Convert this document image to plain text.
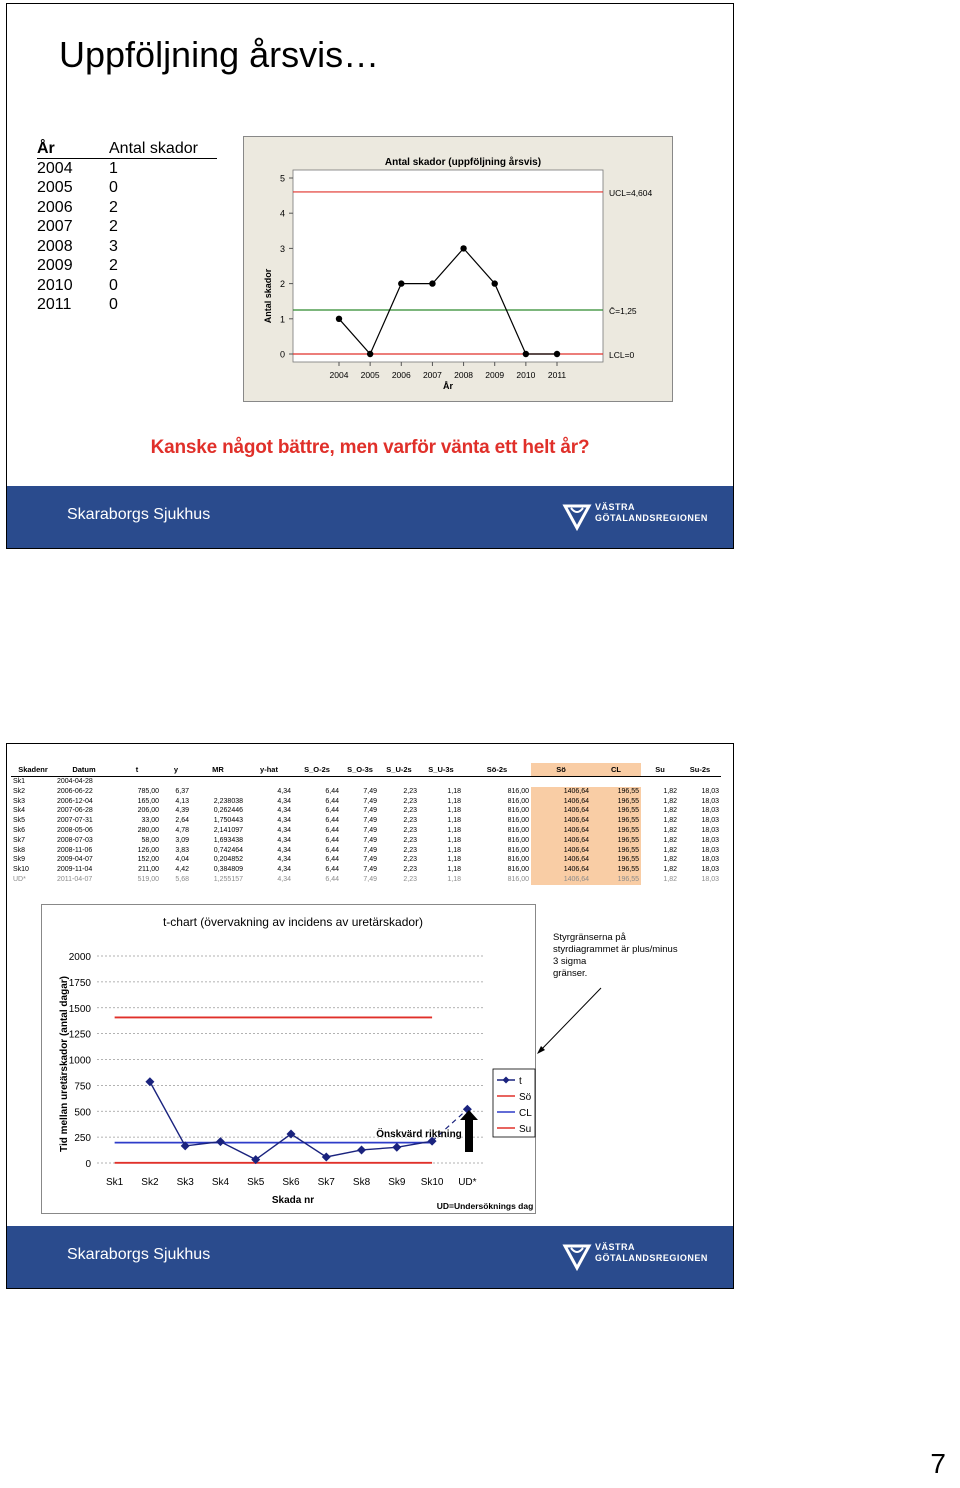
Uppföljning årsvis…
År	Antal skador
2004 1
2005 0
2006 2
2007 2
2008 3
2009 2
2010 0
2011 0
Antal skador (uppföljning årsvis)
0
1
2
3
4
5
2004 2005 2006 2007 2008 2009 2010 2011
År
Antal skador
UCL=4,604
C̄=1,25
LCL=0
Kanske något bättre, men varför vänta ett helt år?
Skaraborgs Sjukhus	VÄSTRA
GÖTALANDSREGIONEN
Skadenr	Datum	t	y	MR	y-hat	S_O-2s	S_O-3s	S_U-2s	S_U-3s	Sö-2s	Sö	CL	Su	Su-2s
Sk1	2004-04-28													
Sk2	2006-06-22	785,00	6,37		4,34	6,44	7,49	2,23	1,18	816,00	1406,64	196,55	1,82	18,03
Sk3	2006-12-04	165,00	4,13	2,238038	4,34	6,44	7,49	2,23	1,18	816,00	1406,64	196,55	1,82	18,03
Sk4	2007-06-28	206,00	4,39	0,262446	4,34	6,44	7,49	2,23	1,18	816,00	1406,64	196,55	1,82	18,03
Sk5	2007-07-31	33,00	2,64	1,750443	4,34	6,44	7,49	2,23	1,18	816,00	1406,64	196,55	1,82	18,03
Sk6	2008-05-06	280,00	4,78	2,141097	4,34	6,44	7,49	2,23	1,18	816,00	1406,64	196,55	1,82	18,03
Sk7	2008-07-03	58,00	3,09	1,693438	4,34	6,44	7,49	2,23	1,18	816,00	1406,64	196,55	1,82	18,03
Sk8	2008-11-06	126,00	3,83	0,742464	4,34	6,44	7,49	2,23	1,18	816,00	1406,64	196,55	1,82	18,03
Sk9	2009-04-07	152,00	4,04	0,204852	4,34	6,44	7,49	2,23	1,18	816,00	1406,64	196,55	1,82	18,03
Sk10	2009-11-04	211,00	4,42	0,384809	4,34	6,44	7,49	2,23	1,18	816,00	1406,64	196,55	1,82	18,03
UD*	2011-04-07	519,00	5,68	1,255157	4,34	6,44	7,49	2,23	1,18	816,00	1406,64	196,55	1,82	18,03
t-chart (övervakning av incidens av uretärskador)
0
250
500
750
1000
1250
1500
1750
2000
Sk1 Sk2 Sk3 Sk4 Sk5 Sk6 Sk7 Sk8 Sk9 Sk10 UD*
Skada nr
Tid mellan uretärskador (antal dagar)	t
Sö
CL
Su
Önskvärd riktning
Styrgränserna på
styrdiagrammet är plus/minus
3 sigma
gränser.
UD=Undersöknings dag
Skaraborgs Sjukhus	VÄSTRA
GÖTALANDSREGIONEN
7
